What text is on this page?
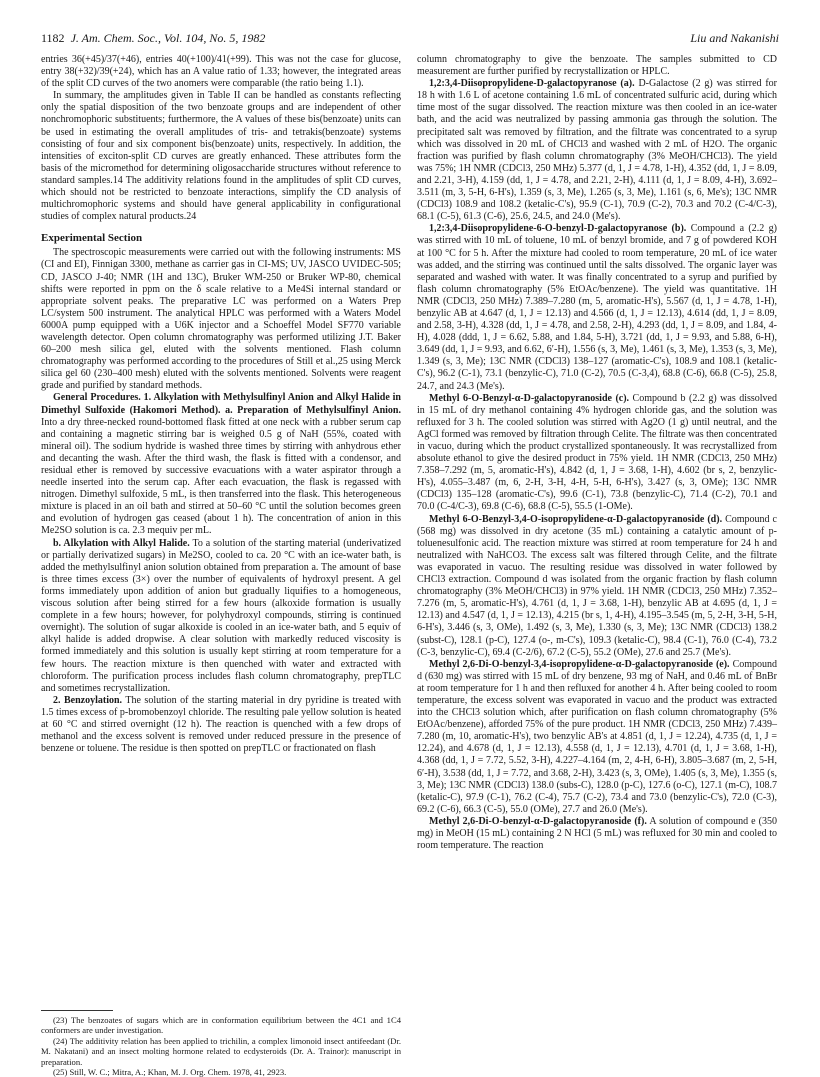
1182 J. Am. Chem. Soc., Vol. 104, No. 5, 1982	Liu and Nakanishi

entries 36(+45)/37(+46), entries 40(+100)/41(+99). This was not the case for glucose, entry 38(+32)/39(+24), which has an A value ratio of 1.33; however, the integrated areas of the split CD curves of the two anomers were comparable (the ratio being 1.1).

In summary, the amplitudes given in Table II can be handled as constants reflecting only the spatial disposition of the two benzoate groups and are independent of other nonchromophoric substituents; furthermore, the A values of these bis(benzoate) units can be used in estimating the overall amplitudes of tris- and tetrakis(benzoate) systems consisting of four and six component bis(benzoate) units, respectively. In addition, the intensities of exciton-split CD curves are greatly enhanced. These attributes form the basis of the micromethod for determining oligosaccharide structures without reference to standard samples.14 The additivity relations found in the amplitudes of split CD curves, which should not be restricted to benzoate interactions, simplify the CD analysis of multichromophoric systems and should have general applicability in configurational studies of complex natural products.24

Experimental Section

The spectroscopic measurements were carried out with the following instruments: MS (CI and EI), Finnigan 3300, methane as carrier gas in CI-MS; UV, JASCO UVIDEC-505; CD, JASCO J-40; NMR (1H and 13C), Bruker WM-250 or Bruker WP-80, chemical shifts were reported in ppm on the δ scale relative to a Me4Si internal standard or appropriate solvent peaks. The preparative LC was performed on a Waters Prep LC/system 500 instrument. The analytical HPLC was performed with a Waters Model 6000A pump equipped with a U6K injector and a Schoeffel Model SF770 variable wavelength detector. Open column chromatography was performed utilizing J.T. Baker 60–200 mesh silica gel, eluted with the solvents mentioned. Flash column chromatography was performed according to the procedures of Still et al.,25 using Merck silica gel 60 (230–400 mesh) eluted with the solvents mentioned. Solvents were reagent grade and purified by standard methods.

General Procedures. 1. Alkylation with Methylsulfinyl Anion and Alkyl Halide in Dimethyl Sulfoxide (Hakomori Method). a. Preparation of Methylsulfinyl Anion. Into a dry three-necked round-bottomed flask fitted at one neck with a rubber serum cap and containing a magnetic stirring bar is weighed 0.5 g of NaH (55%, coated with mineral oil). The sodium hydride is washed three times by stirring with anhydrous ether and decanting the wash. After the third wash, the flask is fitted with a condensor, and residual ether is removed by successive evacuations with a water aspirator through a needle inserted into the serum cap. After each evacuation, the flask is regassed with nitrogen. Dimethyl sulfoxide, 5 mL, is then transferred into the flask. This heterogeneous mixture is placed in an oil bath and stirred at 50–60 °C until the solution becomes green and evolution of hydrogen gas ceased (about 1 h). The concentration of anion in this Me2SO solution is ca. 2.3 mequiv per mL.

b. Alkylation with Alkyl Halide. To a solution of the starting material (underivatized or partially derivatized sugars) in Me2SO, cooled to ca. 20 °C with an ice-water bath, is added the methylsulfinyl anion solution obtained from preparation a. The amount of base is three times excess (3×) over the number of equivalents of hydroxyl present. A gel forms immediately upon addition of anion but gradually liquifies to a homogeneous, viscous solution after being stirred for a few hours (alkoxide formation is usually complete in a few hours; however, for polyhydroxyl compounds, stirring is continued overnight). The solution of sugar alkoxide is cooled in an ice-water bath, and 5 equiv of alkyl halide is added dropwise. A clear solution with markedly reduced viscosity is formed immediately and this solution is usually kept stirring at room temperature for a few hours. The reaction mixture is then quenched with water and extracted with chloroform. The purification process includes flash column chromatography, prepTLC and sometimes recrystallization.

2. Benzoylation. The solution of the starting material in dry pyridine is treated with 1.5 times excess of p-bromobenzoyl chloride. The resulting pale yellow solution is heated at 60 °C and stirred overnight (12 h). The reaction is quenched with a few drops of methanol and the excess solvent is removed under reduced pressure in the presence of benzene or toluene. The residue is then spotted on prepTLC or fractionated on flash

(23) The benzoates of sugars which are in conformation equilibrium between the 4C1 and 1C4 conformers are under investigation.
(24) The additivity relation has been applied to trichilin, a complex limonoid insect antifeedant (Dr. M. Nakatani) and an insect molting hormone related to ecdysteroids (Dr. A. Trainor): manuscript in preparation.
(25) Still, W. C.; Mitra, A.; Khan, M. J. Org. Chem. 1978, 41, 2923.

column chromatography to give the benzoate. The samples submitted to CD measurement are further purified by recrystallization or HPLC.

1,2:3,4-Diisopropylidene-D-galactopyranose (a). D-Galactose (2 g) was stirred for 18 h with 1.6 L of acetone containing 1.6 mL of concentrated sulfuric acid, during which time most of the sugar dissolved. The reaction mixture was then cooled in an ice-water bath, and the acid was neutralized by passing ammonia gas through the solution. The precipitated salt was removed by filtration, and the filtrate was concentrated to a syrup which was dissolved in 20 mL of CHCl3 and washed with 2 mL of H2O. The organic fraction was purified by flash column chromatography (3% MeOH/CHCl3). The yield was 75%; 1H NMR (CDCl3, 250 MHz) 5.377 (d, 1, J = 4.78, 1-H), 4.352 (dd, 1, J = 8.09, and 2.21, 3-H), 4.159 (dd, 1, J = 4.78, and 2.21, 2-H), 4.111 (d, 1, J = 8.09, 4-H), 3.692–3.511 (m, 3, 5-H, 6-H's), 1.359 (s, 3, Me), 1.265 (s, 3, Me), 1.161 (s, 6, Me's); 13C NMR (CDCl3) 108.9 and 108.2 (ketalic-C's), 95.9 (C-1), 70.9 (C-2), 70.3 and 70.2 (C-4/C-3), 68.1 (C-5), 61.3 (C-6), 25.6, 24.5, and 24.0 (Me's).

1,2:3,4-Diisopropylidene-6-O-benzyl-D-galactopyranose (b). Compound a (2.2 g) was stirred with 10 mL of toluene, 10 mL of benzyl bromide, and 7 g of powdered KOH at 100 °C for 5 h. After the mixture had cooled to room temperature, 20 mL of ice water was added, and the stirring was continued until the salts dissolved. The organic layer was separated and washed with water. It was finally concentrated to a syrup and purified by flash column chromatography (5% EtOAc/benzene). The yield was quantitative. 1H NMR (CDCl3, 250 MHz) 7.389–7.280 (m, 5, aromatic-H's), 5.567 (d, 1, J = 4.78, 1-H), benzylic AB at 4.647 (d, 1, J = 12.13) and 4.566 (d, 1, J = 12.13), 4.614 (dd, 1, J = 8.09, and 2.58, 3-H), 4.328 (dd, 1, J = 4.78, and 2.58, 2-H), 4.293 (dd, 1, J = 8.09, and 1.84, 4-H), 4.028 (ddd, 1, J = 6.62, 5.88, and 1.84, 5-H), 3.721 (dd, 1, J = 9.93, and 5.88, 6-H), 3.649 (dd, 1, J = 9.93, and 6.62, 6′-H), 1.556 (s, 3, Me), 1.461 (s, 3, Me), 1.353 (s, 3, Me), 1.349 (s, 3, Me); 13C NMR (CDCl3) 138–127 (aromatic-C's), 108.9 and 108.1 (ketalic-C's), 96.2 (C-1), 73.1 (benzylic-C), 71.0 (C-2), 70.5 (C-3,4), 68.8 (C-6), 66.8 (C-5), 25.8, 24.7, and 24.3 (Me's).

Methyl 6-O-Benzyl-α-D-galactopyranoside (c). Compound b (2.2 g) was dissolved in 15 mL of dry methanol containing 4% hydrogen chloride gas, and the solution was refluxed for 3 h. The cooled solution was stirred with Ag2O (1 g) until neutral, and the AgCl formed was removed by filtration through Celite. The filtrate was then concentrated in vacuo, during which the product crystallized spontaneously. It was recrystallized from absolute ethanol to give the desired product in 75% yield. 1H NMR (CDCl3, 250 MHz) 7.358–7.292 (m, 5, aromatic-H's), 4.842 (d, 1, J = 3.68, 1-H), 4.602 (br s, 2, benzylic-H's), 4.055–3.487 (m, 6, 2-H, 3-H, 4-H, 5-H, 6-H's), 3.427 (s, 3, OMe); 13C NMR (CDCl3) 135–128 (aromatic-C's), 99.6 (C-1), 73.8 (benzylic-C), 71.4 (C-2), 70.1 and 70.0 (C-4/C-3), 69.8 (C-6), 68.8 (C-5), 55.5 (1-OMe).

Methyl 6-O-Benzyl-3,4-O-isopropylidene-α-D-galactopyranoside (d). Compound c (568 mg) was dissolved in dry acetone (35 mL) containing a catalytic amount of p-toluenesulfonic acid. The reaction mixture was stirred at room temperature for 24 h and neutralized with NaHCO3. The excess salt was filtered through Celite, and the filtrate was evaporated in vacuo. The resulting residue was dissolved in water followed by CHCl3 extraction. Compound d was isolated from the organic fraction by flash column chromatography (3% MeOH/CHCl3) in 97% yield. 1H NMR (CDCl3, 250 MHz) 7.352–7.276 (m, 5, aromatic-H's), 4.761 (d, 1, J = 3.68, 1-H), benzylic AB at 4.695 (d, 1, J = 12.13) and 4.547 (d, 1, J = 12.13), 4.215 (br s, 1, 4-H), 4.195–3.545 (m, 5, 2-H, 3-H, 5-H, 6-H's), 3.446 (s, 3, OMe), 1.492 (s, 3, Me), 1.330 (s, 3, Me); 13C NMR (CDCl3) 138.2 (subst-C), 128.1 (p-C), 127.4 (o-, m-C's), 109.3 (ketalic-C), 98.4 (C-1), 76.0 (C-4), 73.2 (C-3, benzylic-C), 69.4 (C-2/6), 67.2 (C-5), 55.2 (OMe), 27.6 and 25.7 (Me's).

Methyl 2,6-Di-O-benzyl-3,4-isopropylidene-α-D-galactopyranoside (e). Compound d (630 mg) was stirred with 15 mL of dry benzene, 93 mg of NaH, and 0.46 mL of BnBr at room temperature for 1 h and then refluxed for another 4 h. After being cooled to room temperature, the excess solvent was evaporated in vacuo and the product was extracted into the CHCl3 solution which, after purification on flash column chromatography (5% EtOAc/benzene), afforded 75% of the pure product. 1H NMR (CDCl3, 250 MHz) 7.439–7.280 (m, 10, aromatic-H's), two benzylic AB's at 4.851 (d, 1, J = 12.24), 4.735 (d, 1, J = 12.24), and 4.678 (d, 1, J = 12.13), 4.558 (d, 1, J = 12.13), 4.701 (d, 1, J = 3.68, 1-H), 4.368 (dd, 1, J = 7.72, 5.52, 3-H), 4.227–4.164 (m, 2, 4-H, 6-H), 3.805–3.687 (m, 2, 5-H, 6′-H), 3.538 (dd, 1, J = 7.72, and 3.68, 2-H), 3.423 (s, 3, OMe), 1.405 (s, 3, Me), 1.355 (s, 3, Me); 13C NMR (CDCl3) 138.0 (subs-C), 128.0 (p-C), 127.6 (o-C), 127.1 (m-C), 108.7 (ketalic-C), 97.9 (C-1), 76.2 (C-4), 75.7 (C-2), 73.4 and 73.0 (benzylic-C's), 72.0 (C-3), 69.2 (C-6), 66.3 (C-5), 55.0 (OMe), 27.7 and 26.0 (Me's).

Methyl 2,6-Di-O-benzyl-α-D-galactopyranoside (f). A solution of compound e (350 mg) in MeOH (15 mL) containing 2 N HCl (5 mL) was refluxed for 30 min and cooled to room temperature. The reaction
